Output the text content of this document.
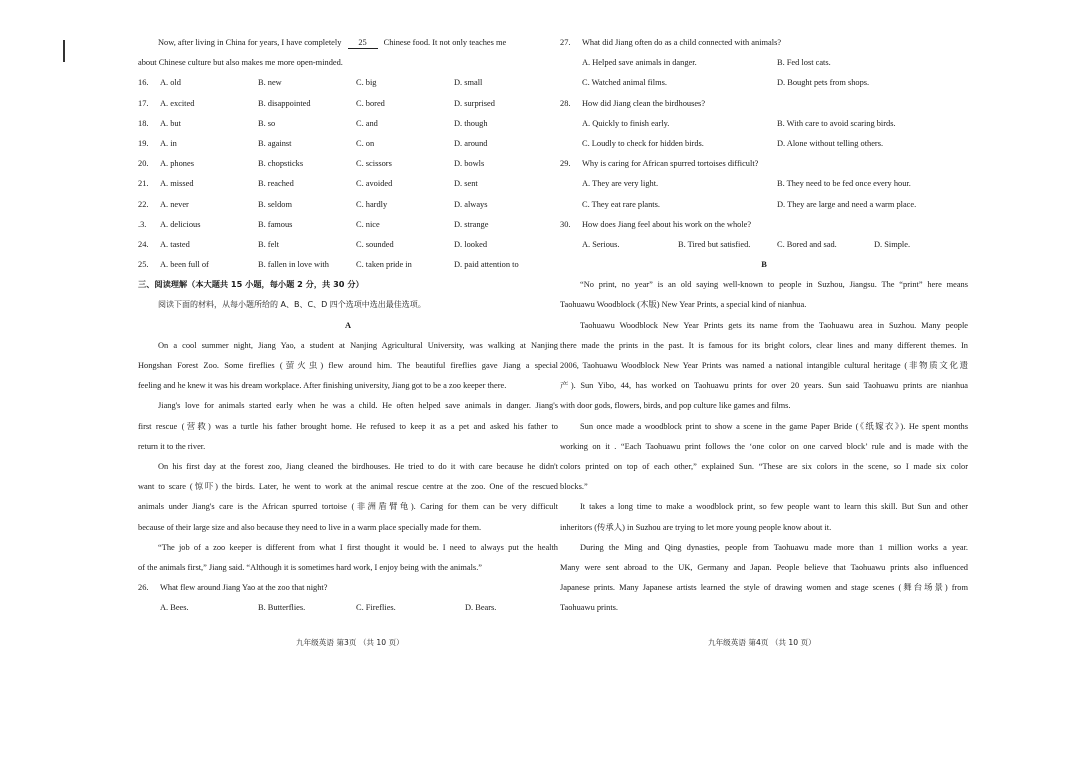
Now, after living in China for years, I have completely 25 Chinese food. It not only teaches me
about Chinese culture but also makes me more open-minded.
16. A. old	B. new	C. big	D. small
17. A. excited	B. disappointed	C. bored	D. surprised
18. A. but	B. so	C. and	D. though
19. A. in	B. against	C. on	D. around
20. A. phones	B. chopsticks	C. scissors	D. bowls
21. A. missed	B. reached	C. avoided	D. sent
22. A. never	B. seldom	C. hardly	D. always
.3. A. delicious	B. famous	C. nice	D. strange
24. A. tasted	B. felt	C. sounded	D. looked
25. A. been full of	B. fallen in love with	C. taken pride in	D. paid attention to
三、阅读理解（本大题共 15 小题，每小题 2 分，共 30 分）
阅读下面的材料，从每小题所给的 A、B、C、D 四个选项中选出最佳选项。
A
On a cool summer night, Jiang Yao, a student at Nanjing Agricultural University, was walking at Nanjing
Hongshan Forest Zoo. Some fireflies (萤火虫) flew around him. The beautiful fireflies gave Jiang a special
feeling and he knew it was his dream workplace. After finishing university, Jiang got to be a zoo keeper there.
Jiang's love for animals started early when he was a child. He often helped save animals in danger. Jiang's
first rescue (营救) was a turtle his father brought home. He refused to keep it as a pet and asked his father to
return it to the river.
On his first day at the forest zoo, Jiang cleaned the birdhouses. He tried to do it with care because he didn't
want to scare (惊吓) the birds. Later, he went to work at the animal rescue centre at the zoo. One of the rescued
animals under Jiang's care is the African spurred tortoise (非洲盾臂龟). Caring for them can be very difficult
because of their large size and also because they need to live in a warm place specially made for them.
“The job of a zoo keeper is different from what I first thought it would be. I need to always put the health
of the animals first,” Jiang said. “Although it is sometimes hard work, I enjoy being with the animals.”
26. What flew around Jiang Yao at the zoo that night?
A. Bees.	B. Butterflies.	C. Fireflies.	D. Bears.
九年级英语 第3页 （共 10 页）
27. What did Jiang often do as a child connected with animals?
A. Helped save animals in danger.	B. Fed lost cats.
C. Watched animal films.	D. Bought pets from shops.
28. How did Jiang clean the birdhouses?
A. Quickly to finish early.	B. With care to avoid scaring birds.
C. Loudly to check for hidden birds.	D. Alone without telling others.
29. Why is caring for African spurred tortoises difficult?
A. They are very light.	B. They need to be fed once every hour.
C. They eat rare plants.	D. They are large and need a warm place.
30. How does Jiang feel about his work on the whole?
A. Serious.	B. Tired but satisfied.	C. Bored and sad.	D. Simple.
B
“No print, no year” is an old saying well-known to people in Suzhou, Jiangsu. The “print” here means
Taohuawu Woodblock (木版) New Year Prints, a special kind of nianhua.
Taohuawu Woodblock New Year Prints gets its name from the Taohuawu area in Suzhou. Many people
there made the prints in the past. It is famous for its bright colors, clear lines and many different themes. In
2006, Taohuawu Woodblock New Year Prints was named a national intangible cultural heritage (非物质文化遗
产). Sun Yibo, 44, has worked on Taohuawu prints for over 20 years. Sun said Taohuawu prints are nianhua
with door gods, flowers, birds, and pop culture like games and films.
Sun once made a woodblock print to show a scene in the game Paper Bride (《纸嫁衣》). He spent months
working on it . “Each Taohuawu print follows the ‘one color on one carved block’ rule and is made with the
colors printed on top of each other,” explained Sun. “These are six colors in the scene, so I made six color
blocks.”
It takes a long time to make a woodblock print, so few people want to learn this skill. But Sun and other
inheritors (传承人) in Suzhou are trying to let more young people know about it.
During the Ming and Qing dynasties, people from Taohuawu made more than 1 million works a year.
Many were sent abroad to the UK, Germany and Japan. People believe that Taohuawu prints also influenced
Japanese prints. Many Japanese artists learned the style of drawing women and stage scenes (舞台场景) from
Taohuawu prints.
九年级英语 第4页 （共 10 页）
